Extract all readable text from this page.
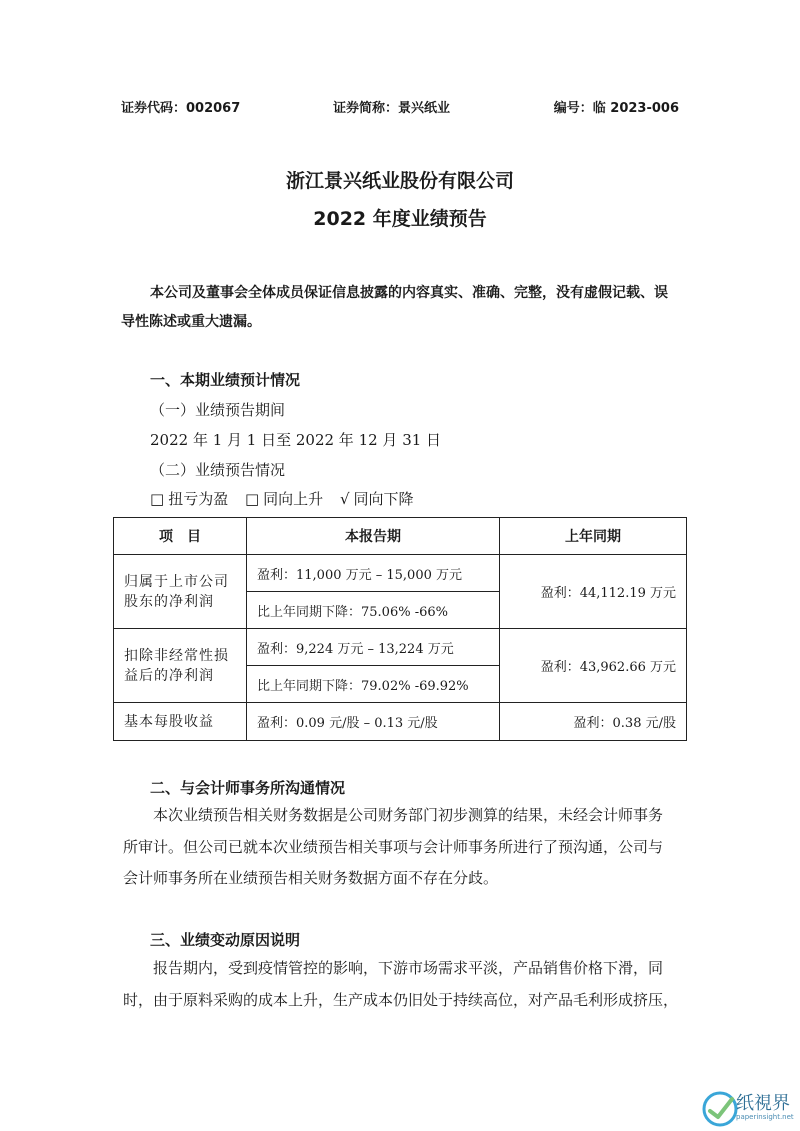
证券代码：002067	证券简称：景兴纸业	编号：临 2023-006
浙江景兴纸业股份有限公司
2022 年度业绩预告
本公司及董事会全体成员保证信息披露的内容真实、准确、完整，没有虚假记载、误
导性陈述或重大遗漏。
一、本期业绩预计情况
（一）业绩预告期间
2022 年 1 月 1 日至 2022 年 12 月 31 日
（二）业绩预告情况
□ 扭亏为盈 □ 同向上升 √ 同向下降
项　目	本报告期	上年同期

归属于上市公司
股东的净利润	盈利：11,000 万元 – 15,000 万元	盈利：44,112.19 万元
	比上年同期下降：75.06% -66%	

扣除非经常性损
益后的净利润	盈利：9,224 万元 – 13,224 万元	盈利：43,962.66 万元
	比上年同期下降：79.02% -69.92%	
基本每股收益	盈利：0.09 元/股 – 0.13 元/股	盈利：0.38 元/股
二、与会计师事务所沟通情况
本次业绩预告相关财务数据是公司财务部门初步测算的结果，未经会计师事务
所审计。但公司已就本次业绩预告相关事项与会计师事务所进行了预沟通，公司与
会计师事务所在业绩预告相关财务数据方面不存在分歧。
三、业绩变动原因说明
报告期内，受到疫情管控的影响，下游市场需求平淡，产品销售价格下滑，同
时，由于原料采购的成本上升，生产成本仍旧处于持续高位，对产品毛利形成挤压，
纸視界
paperinsight.net
